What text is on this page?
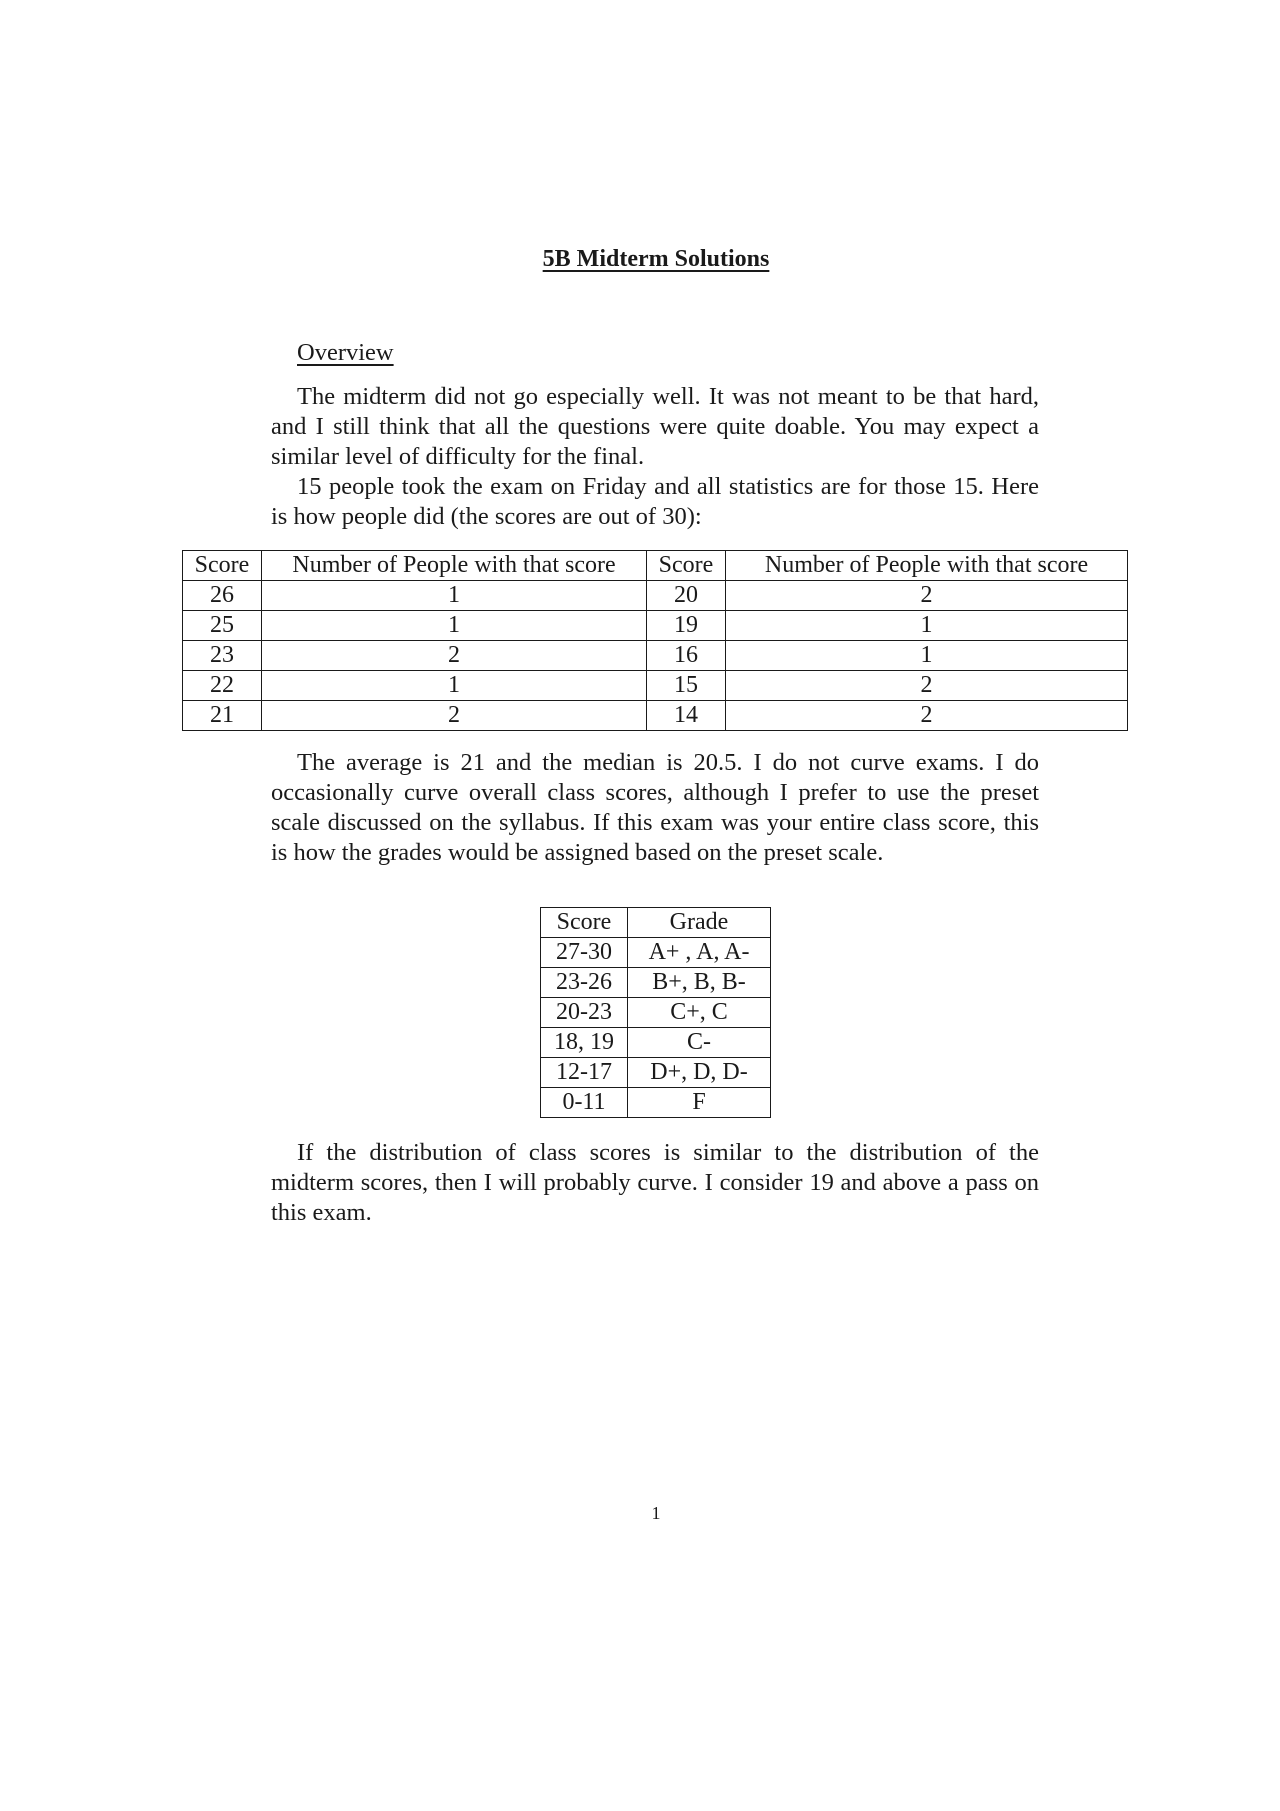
5B Midterm Solutions
Overview

The midterm did not go especially well. It was not meant to be that hard, and I still think that all the questions were quite doable. You may expect a similar level of difficulty for the final.

15 people took the exam on Friday and all statistics are for those 15. Here is how people did (the scores are out of 30):

Score	Number of People with that score	Score	Number of People with that score
26	1	20	2
25	1	19	1
23	2	16	1
22	1	15	2
21	2	14	2

The average is 21 and the median is 20.5. I do not curve exams. I do occasionally curve overall class scores, although I prefer to use the preset scale discussed on the syllabus. If this exam was your entire class score, this is how the grades would be assigned based on the preset scale.

Score	Grade
27-30	A+ , A, A-
23-26	B+, B, B-
20-23	C+, C
18, 19	C-
12-17	D+, D, D-
0-11	F

If the distribution of class scores is similar to the distribution of the midterm scores, then I will probably curve. I consider 19 and above a pass on this exam.

1
